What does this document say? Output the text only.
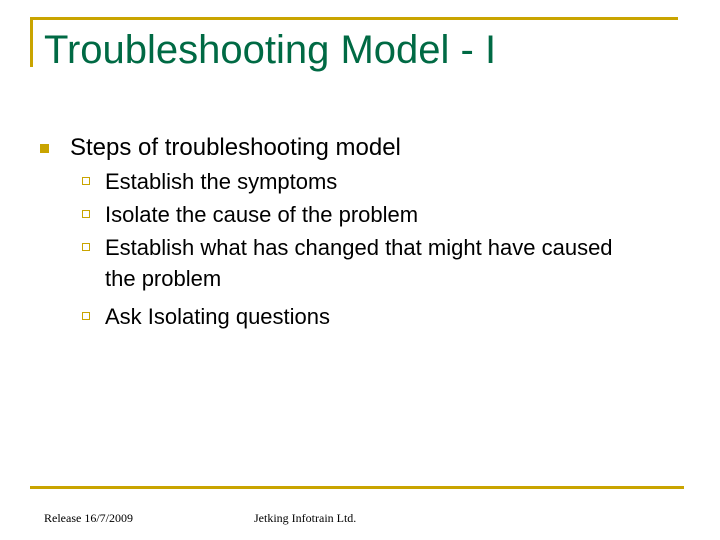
Troubleshooting Model - I
Steps of troubleshooting model
Establish the symptoms
Isolate the cause of the problem
Establish what has changed that might have caused
the problem
Ask Isolating questions
Release 16/7/2009	Jetking Infotrain Ltd.
